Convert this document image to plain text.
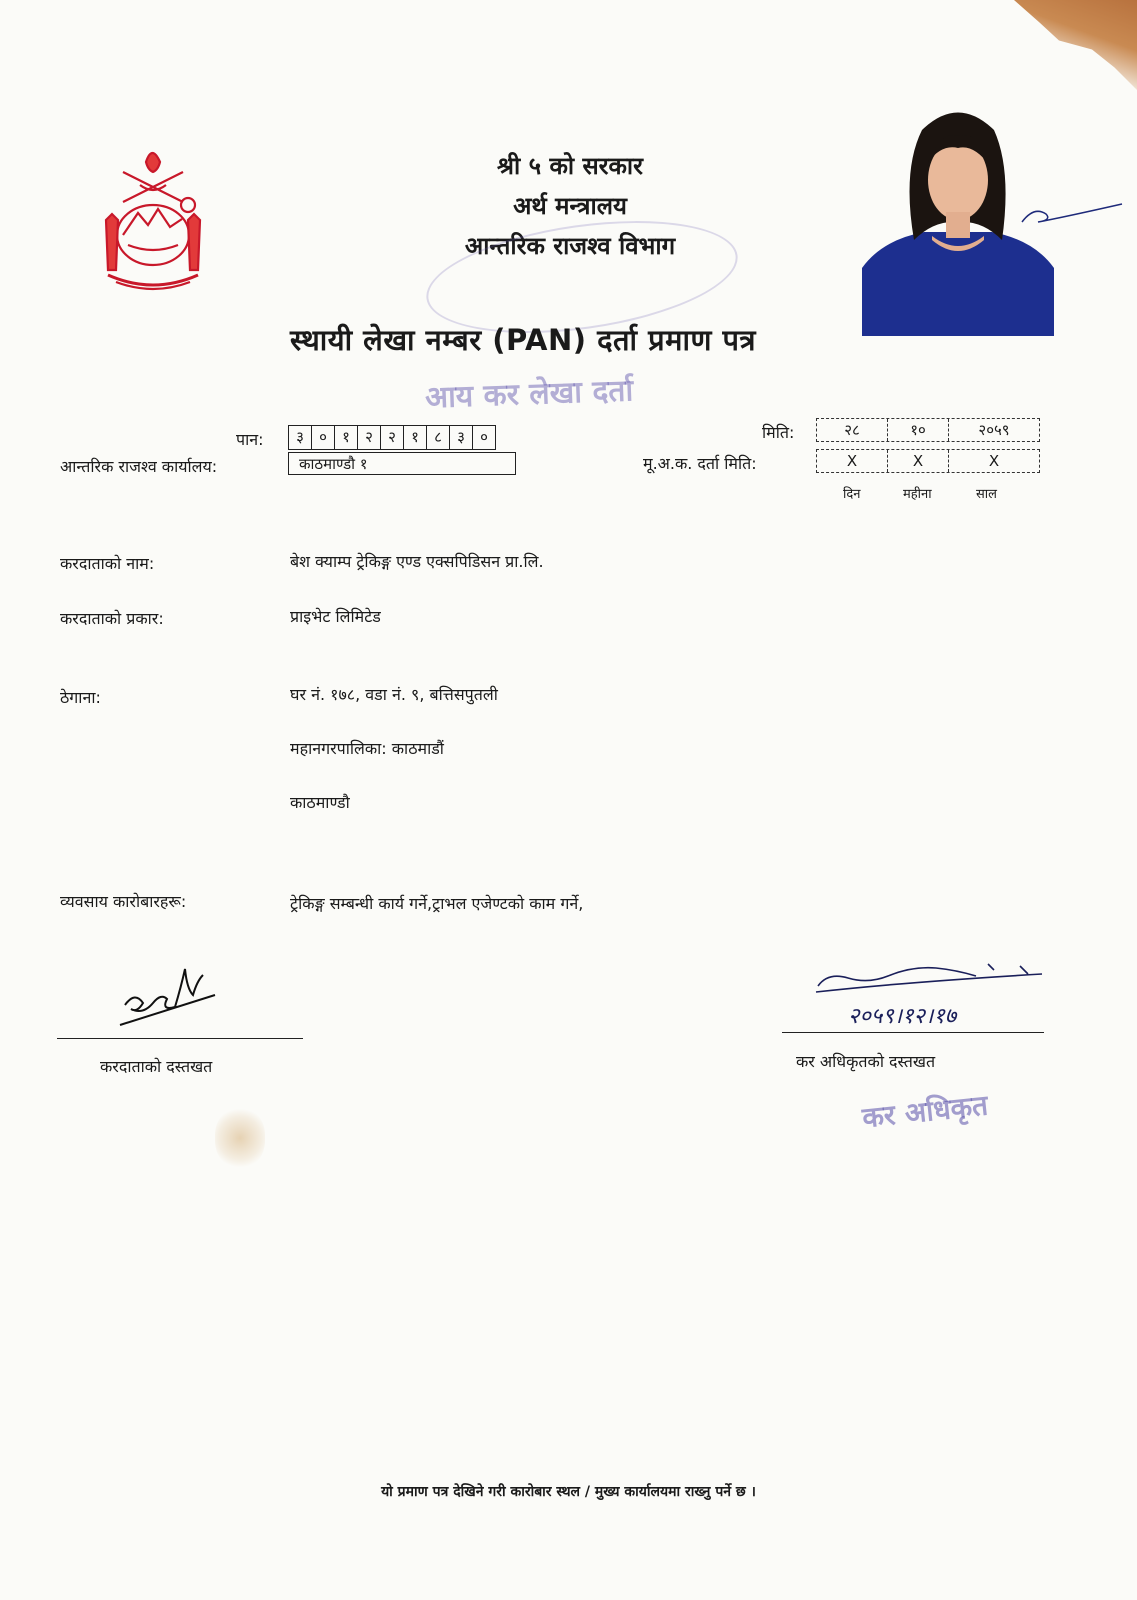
श्री ५ को सरकार
अर्थ मन्त्रालय
आन्तरिक राजश्व विभाग
स्थायी लेखा नम्बर (PAN) दर्ता प्रमाण पत्र
आय कर लेखा दर्ता
पान:	३	०	१	२	२	१	८	३	०
आन्तरिक राजश्व कार्यालय:	काठमाण्डौ १
मिति:	२८	१०	२०५९
मू.अ.क. दर्ता मिति:	X	X	X
दिन	महीना	साल
करदाताको नाम:	बेश क्याम्प ट्रेकिङ्ग एण्ड एक्सपिडिसन प्रा.लि.
करदाताको प्रकार:	प्राइभेट लिमिटेड
ठेगाना:	घर नं. १७८, वडा नं. ९, बत्तिसपुतली
महानगरपालिका: काठमाडौं
काठमाण्डौ
व्यवसाय कारोबारहरू:	ट्रेकिङ्ग सम्बन्धी कार्य गर्ने,ट्राभल एजेण्टको काम गर्ने,
करदाताको दस्तखत
२०५९।१२।१७
कर अधिकृतको दस्तखत
कर अधिकृत
यो प्रमाण पत्र देखिने गरी कारोबार स्थल / मुख्य कार्यालयमा राख्नु पर्ने छ ।
